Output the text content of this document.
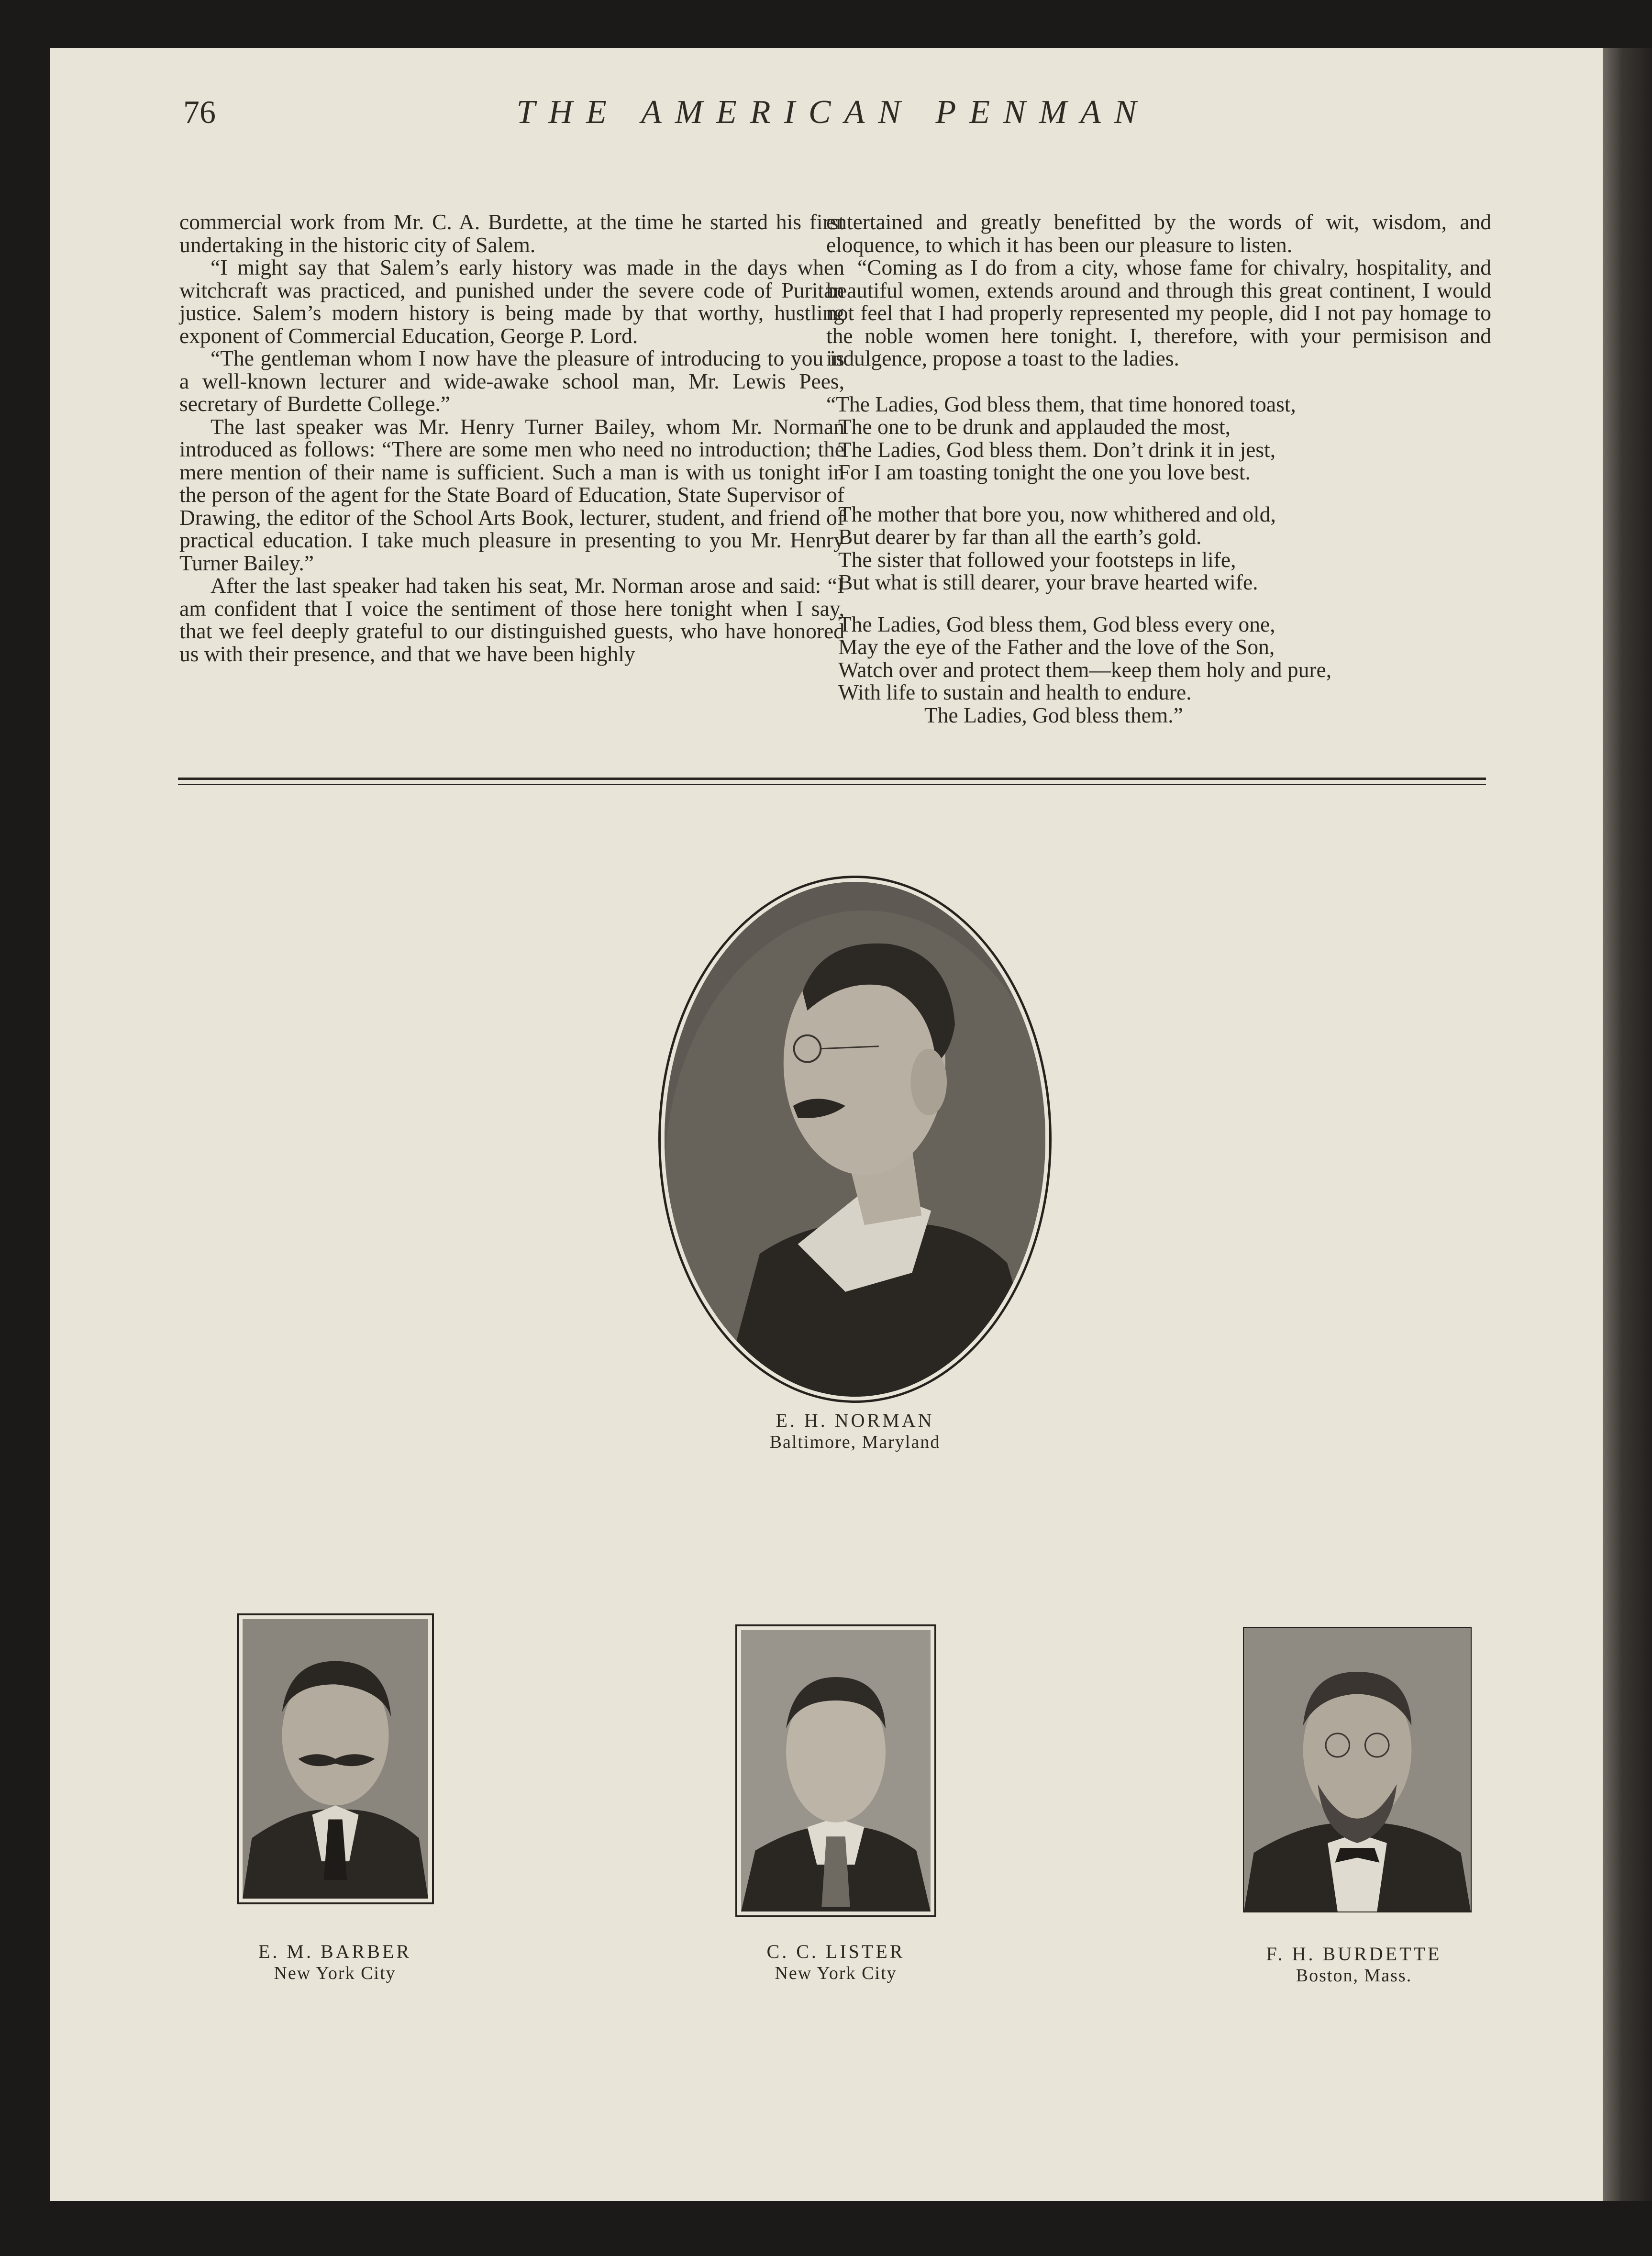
76	THE AMERICAN PENMAN

commercial work from Mr. C. A. Burdette, at the time he started his first undertaking in the historic city of Salem.

“I might say that Salem’s early history was made in the days when witchcraft was practiced, and punished under the severe code of Puritan justice. Salem’s modern history is being made by that worthy, hustling exponent of Commercial Education, George P. Lord.

“The gentleman whom I now have the pleasure of introducing to you is a well-known lecturer and wide-awake school man, Mr. Lewis Pees, secretary of Burdette College.”

The last speaker was Mr. Henry Turner Bailey, whom Mr. Norman introduced as follows: “There are some men who need no introduction; the mere mention of their name is sufficient. Such a man is with us tonight in the person of the agent for the State Board of Education, State Supervisor of Drawing, the editor of the School Arts Book, lecturer, student, and friend of practical education. I take much pleasure in presenting to you Mr. Henry Turner Bailey.”

After the last speaker had taken his seat, Mr. Norman arose and said: “I am confident that I voice the sentiment of those here tonight when I say, that we feel deeply grateful to our distinguished guests, who have honored us with their presence, and that we have been highly

entertained and greatly benefitted by the words of wit, wisdom, and eloquence, to which it has been our pleasure to listen.

“Coming as I do from a city, whose fame for chivalry, hospitality, and beautiful women, extends around and through this great continent, I would not feel that I had properly represented my people, did I not pay homage to the noble women here tonight. I, therefore, with your permisison and indulgence, propose a toast to the ladies.

“The Ladies, God bless them, that time honored toast,
The one to be drunk and applauded the most,
The Ladies, God bless them. Don’t drink it in jest,
For I am toasting tonight the one you love best.
The mother that bore you, now whithered and old,
But dearer by far than all the earth’s gold.
The sister that followed your footsteps in life,
But what is still dearer, your brave hearted wife.
The Ladies, God bless them, God bless every one,
May the eye of the Father and the love of the Son,
Watch over and protect them—keep them holy and pure,
With life to sustain and health to endure.
The Ladies, God bless them.”
E. H. NORMAN
Baltimore, Maryland
E. M. BARBER
New York City
C. C. LISTER
New York City
F. H. BURDETTE
Boston, Mass.
